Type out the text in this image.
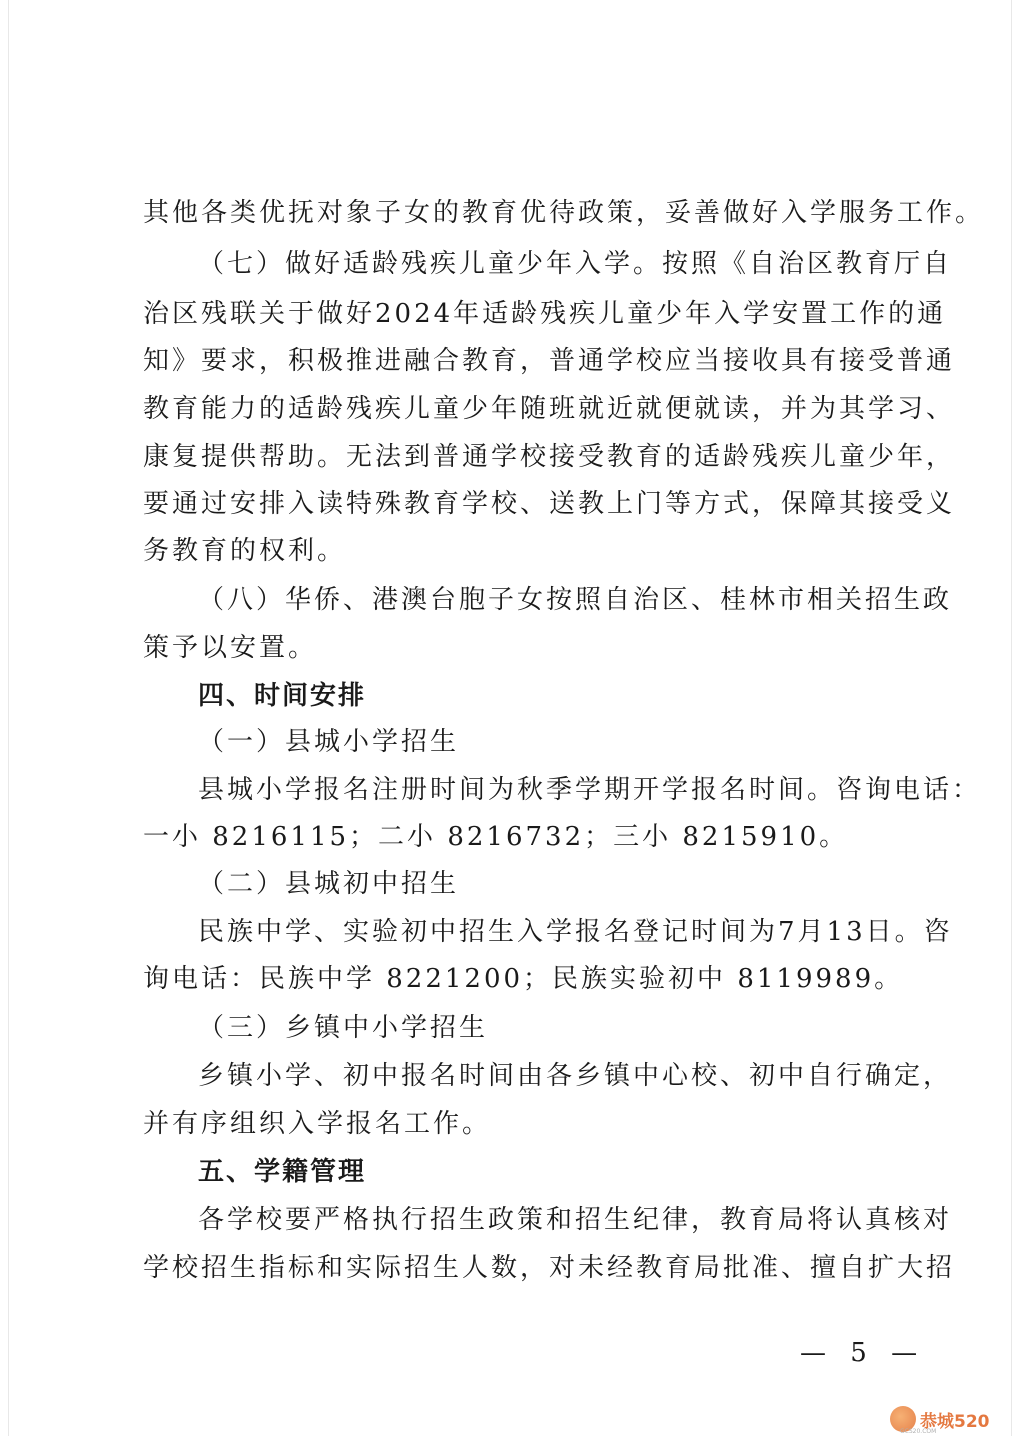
其他各类优抚对象子女的教育优待政策，妥善做好入学服务工作。
（七）做好适龄残疾儿童少年入学。按照《自治区教育厅自
治区残联关于做好2024年适龄残疾儿童少年入学安置工作的通
知》要求，积极推进融合教育，普通学校应当接收具有接受普通
教育能力的适龄残疾儿童少年随班就近就便就读，并为其学习、
康复提供帮助。无法到普通学校接受教育的适龄残疾儿童少年，
要通过安排入读特殊教育学校、送教上门等方式，保障其接受义
务教育的权利。
（八）华侨、港澳台胞子女按照自治区、桂林市相关招生政
策予以安置。
四、时间安排
（一）县城小学招生
县城小学报名注册时间为秋季学期开学报名时间。咨询电话：
一小 8216115；二小 8216732；三小 8215910。
（二）县城初中招生
民族中学、实验初中招生入学报名登记时间为7月13日。咨
询电话：民族中学 8221200；民族实验初中 8119989。
（三）乡镇中小学招生
乡镇小学、初中报名时间由各乡镇中心校、初中自行确定，
并有序组织入学报名工作。
五、学籍管理
各学校要严格执行招生政策和招生纪律，教育局将认真核对
学校招生指标和实际招生人数，对未经教育局批准、擅自扩大招
— 5 —
恭城520
GCS20.COM
